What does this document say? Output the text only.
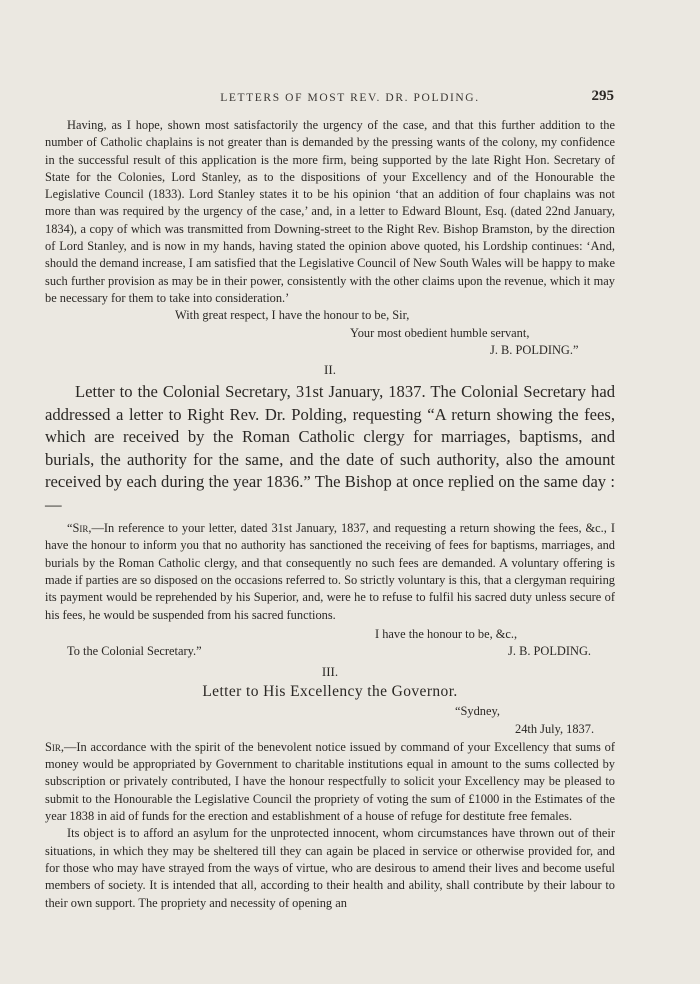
LETTERS OF MOST REV. DR. POLDING.	295

Having, as I hope, shown most satisfactorily the urgency of the case, and that this further addition to the number of Catholic chaplains is not greater than is demanded by the pressing wants of the colony, my confidence in the successful result of this application is the more firm, being supported by the late Right Hon. Secretary of State for the Colonies, Lord Stanley, as to the dispositions of your Excellency and of the Honourable the Legislative Council (1833). Lord Stanley states it to be his opinion ‘that an addition of four chaplains was not more than was required by the urgency of the case,’ and, in a letter to Edward Blount, Esq. (dated 22nd January, 1834), a copy of which was transmitted from Downing-street to the Right Rev. Bishop Bramston, by the direction of Lord Stanley, and is now in my hands, having stated the opinion above quoted, his Lordship continues: ‘And, should the demand increase, I am satisfied that the Legislative Council of New South Wales will be happy to make such further provision as may be in their power, consistently with the other claims upon the revenue, which it may be necessary for them to take into consideration.’

With great respect, I have the honour to be, Sir,

Your most obedient humble servant,

J. B. POLDING.”

II.

Letter to the Colonial Secretary, 31st January, 1837. The Colonial Secretary had addressed a letter to Right Rev. Dr. Polding, requesting “A return showing the fees, which are received by the Roman Catholic clergy for marriages, baptisms, and burials, the authority for the same, and the date of such authority, also the amount received by each during the year 1836.” The Bishop at once replied on the same day :—

“Sir,—In reference to your letter, dated 31st January, 1837, and requesting a return showing the fees, &c., I have the honour to inform you that no authority has sanctioned the receiving of fees for baptisms, marriages, and burials by the Roman Catholic clergy, and that consequently no such fees are demanded. A voluntary offering is made if parties are so disposed on the occasions referred to. So strictly voluntary is this, that a clergyman requiring its payment would be reprehended by his Superior, and, were he to refuse to fulfil his sacred duty unless secure of his fees, he would be suspended from his sacred functions.

I have the honour to be, &c.,

To the Colonial Secretary.”	J. B. POLDING.

III.

Letter to His Excellency the Governor.

“Sydney,

24th July, 1837.

Sir,—In accordance with the spirit of the benevolent notice issued by command of your Excellency that sums of money would be appropriated by Government to charitable institutions equal in amount to the sums collected by subscription or privately contributed, I have the honour respectfully to solicit your Excellency may be pleased to submit to the Honourable the Legislative Council the propriety of voting the sum of £1000 in the Estimates of the year 1838 in aid of funds for the erection and establishment of a house of refuge for destitute free females.

Its object is to afford an asylum for the unprotected innocent, whom circumstances have thrown out of their situations, in which they may be sheltered till they can again be placed in service or otherwise provided for, and for those who may have strayed from the ways of virtue, who are desirous to amend their lives and become useful members of society. It is intended that all, according to their health and ability, shall contribute by their labour to their own support. The propriety and necessity of opening an
